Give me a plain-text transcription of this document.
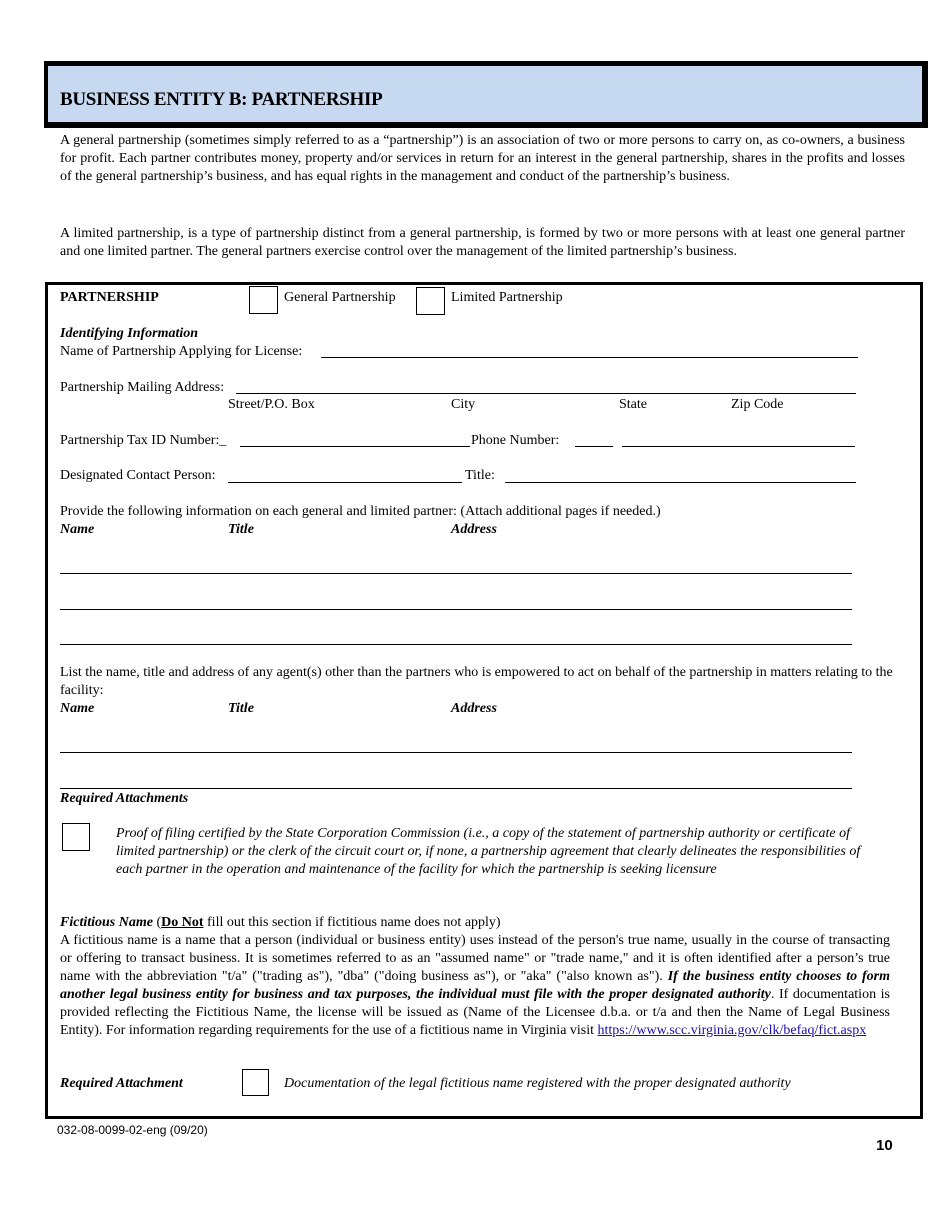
BUSINESS ENTITY B: PARTNERSHIP
A general partnership (sometimes simply referred to as a “partnership”) is an association of two or more persons to carry on, as co-owners, a business for profit. Each partner contributes money, property and/or services in return for an interest in the general partnership, shares in the profits and losses of the general partnership’s business, and has equal rights in the management and conduct of the partnership’s business.
A limited partnership, is a type of partnership distinct from a general partnership, is formed by two or more persons with at least one general partner and one limited partner. The general partners exercise control over the management of the limited partnership’s business.
PARTNERSHIP	General Partnership	Limited Partnership
Identifying Information
Name of Partnership Applying for License:
Partnership Mailing Address:
Street/P.O. Box	City	State	Zip Code
Partnership Tax ID Number:_	Phone Number:
Designated Contact Person:	Title:
Provide the following information on each general and limited partner: (Attach additional pages if needed.)
Name	Title	Address
List the name, title and address of any agent(s) other than the partners who is empowered to act on behalf of the partnership in matters relating to the facility:
Name	Title	Address
Required Attachments
Proof of filing certified by the State Corporation Commission (i.e., a copy of the statement of partnership authority or certificate of limited partnership) or the clerk of the circuit court or, if none, a partnership agreement that clearly delineates the responsibilities of each partner in the operation and maintenance of the facility for which the partnership is seeking licensure
Fictitious Name (Do Not fill out this section if fictitious name does not apply)
A fictitious name is a name that a person (individual or business entity) uses instead of the person's true name, usually in the course of transacting or offering to transact business. It is sometimes referred to as an "assumed name" or "trade name," and it is often identified after a person’s true name with the abbreviation "t/a" ("trading as"), "dba" ("doing business as"), or "aka" ("also known as"). If the business entity chooses to form another legal business entity for business and tax purposes, the individual must file with the proper designated authority. If documentation is provided reflecting the Fictitious Name, the license will be issued as (Name of the Licensee d.b.a. or t/a and then the Name of Legal Business Entity). For information regarding requirements for the use of a fictitious name in Virginia visit https://www.scc.virginia.gov/clk/befaq/fict.aspx
Required Attachment	Documentation of the legal fictitious name registered with the proper designated authority
032-08-0099-02-eng (09/20)
10
